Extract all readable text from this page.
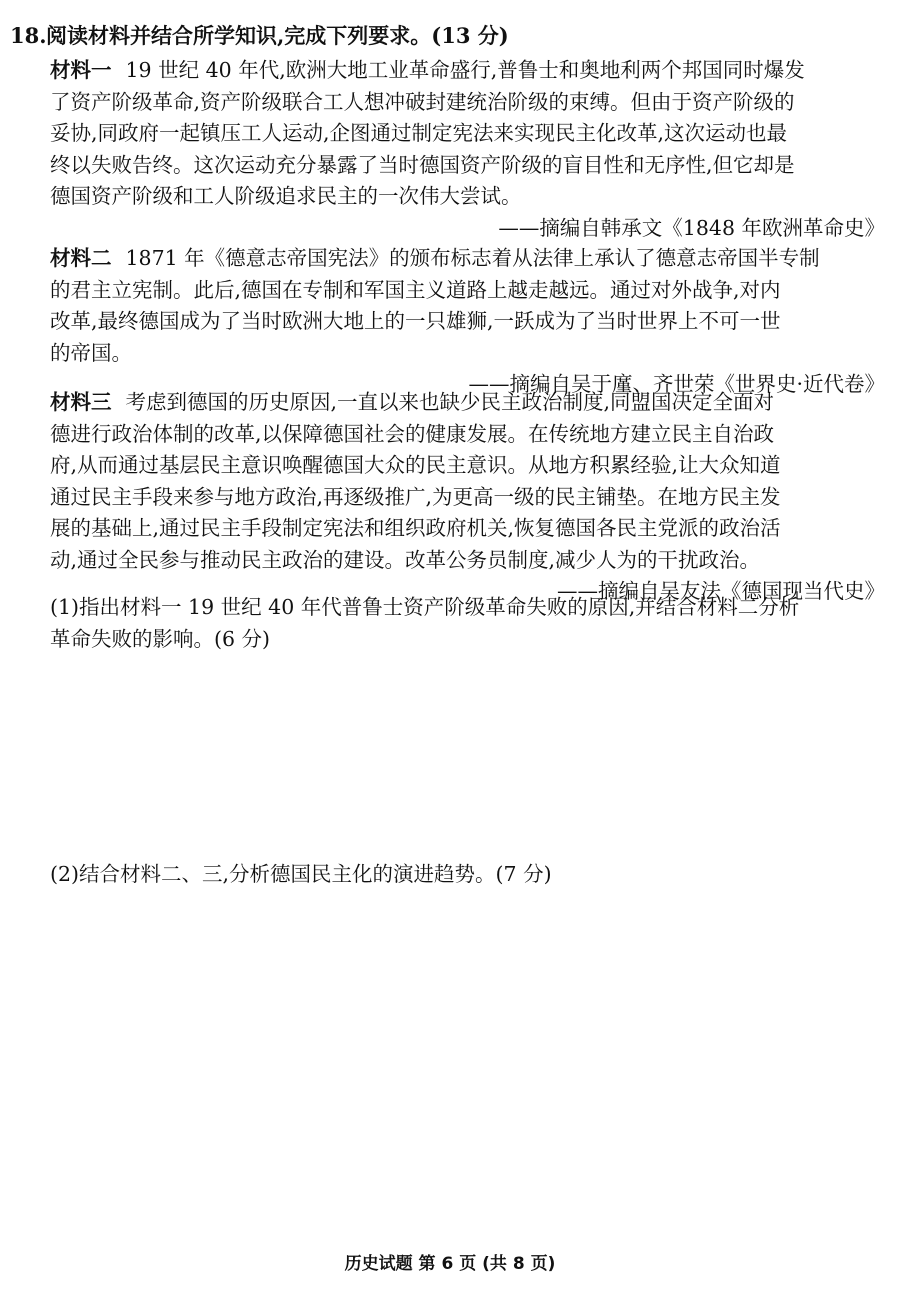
18.阅读材料并结合所学知识,完成下列要求。(13 分)
材料一 19 世纪 40 年代,欧洲大地工业革命盛行,普鲁士和奥地利两个邦国同时爆发
了资产阶级革命,资产阶级联合工人想冲破封建统治阶级的束缚。但由于资产阶级的
妥协,同政府一起镇压工人运动,企图通过制定宪法来实现民主化改革,这次运动也最
终以失败告终。这次运动充分暴露了当时德国资产阶级的盲目性和无序性,但它却是
德国资产阶级和工人阶级追求民主的一次伟大尝试。
——摘编自韩承文《1848 年欧洲革命史》
材料二 1871 年《德意志帝国宪法》的颁布标志着从法律上承认了德意志帝国半专制
的君主立宪制。此后,德国在专制和军国主义道路上越走越远。通过对外战争,对内
改革,最终德国成为了当时欧洲大地上的一只雄狮,一跃成为了当时世界上不可一世
的帝国。
——摘编自吴于廑、齐世荣《世界史·近代卷》
材料三 考虑到德国的历史原因,一直以来也缺少民主政治制度,同盟国决定全面对
德进行政治体制的改革,以保障德国社会的健康发展。在传统地方建立民主自治政
府,从而通过基层民主意识唤醒德国大众的民主意识。从地方积累经验,让大众知道
通过民主手段来参与地方政治,再逐级推广,为更高一级的民主铺垫。在地方民主发
展的基础上,通过民主手段制定宪法和组织政府机关,恢复德国各民主党派的政治活
动,通过全民参与推动民主政治的建设。改革公务员制度,减少人为的干扰政治。
——摘编自吴友法《德国现当代史》
(1)指出材料一 19 世纪 40 年代普鲁士资产阶级革命失败的原因,并结合材料二分析
革命失败的影响。(6 分)
(2)结合材料二、三,分析德国民主化的演进趋势。(7 分)
历史试题 第 6 页 (共 8 页)
